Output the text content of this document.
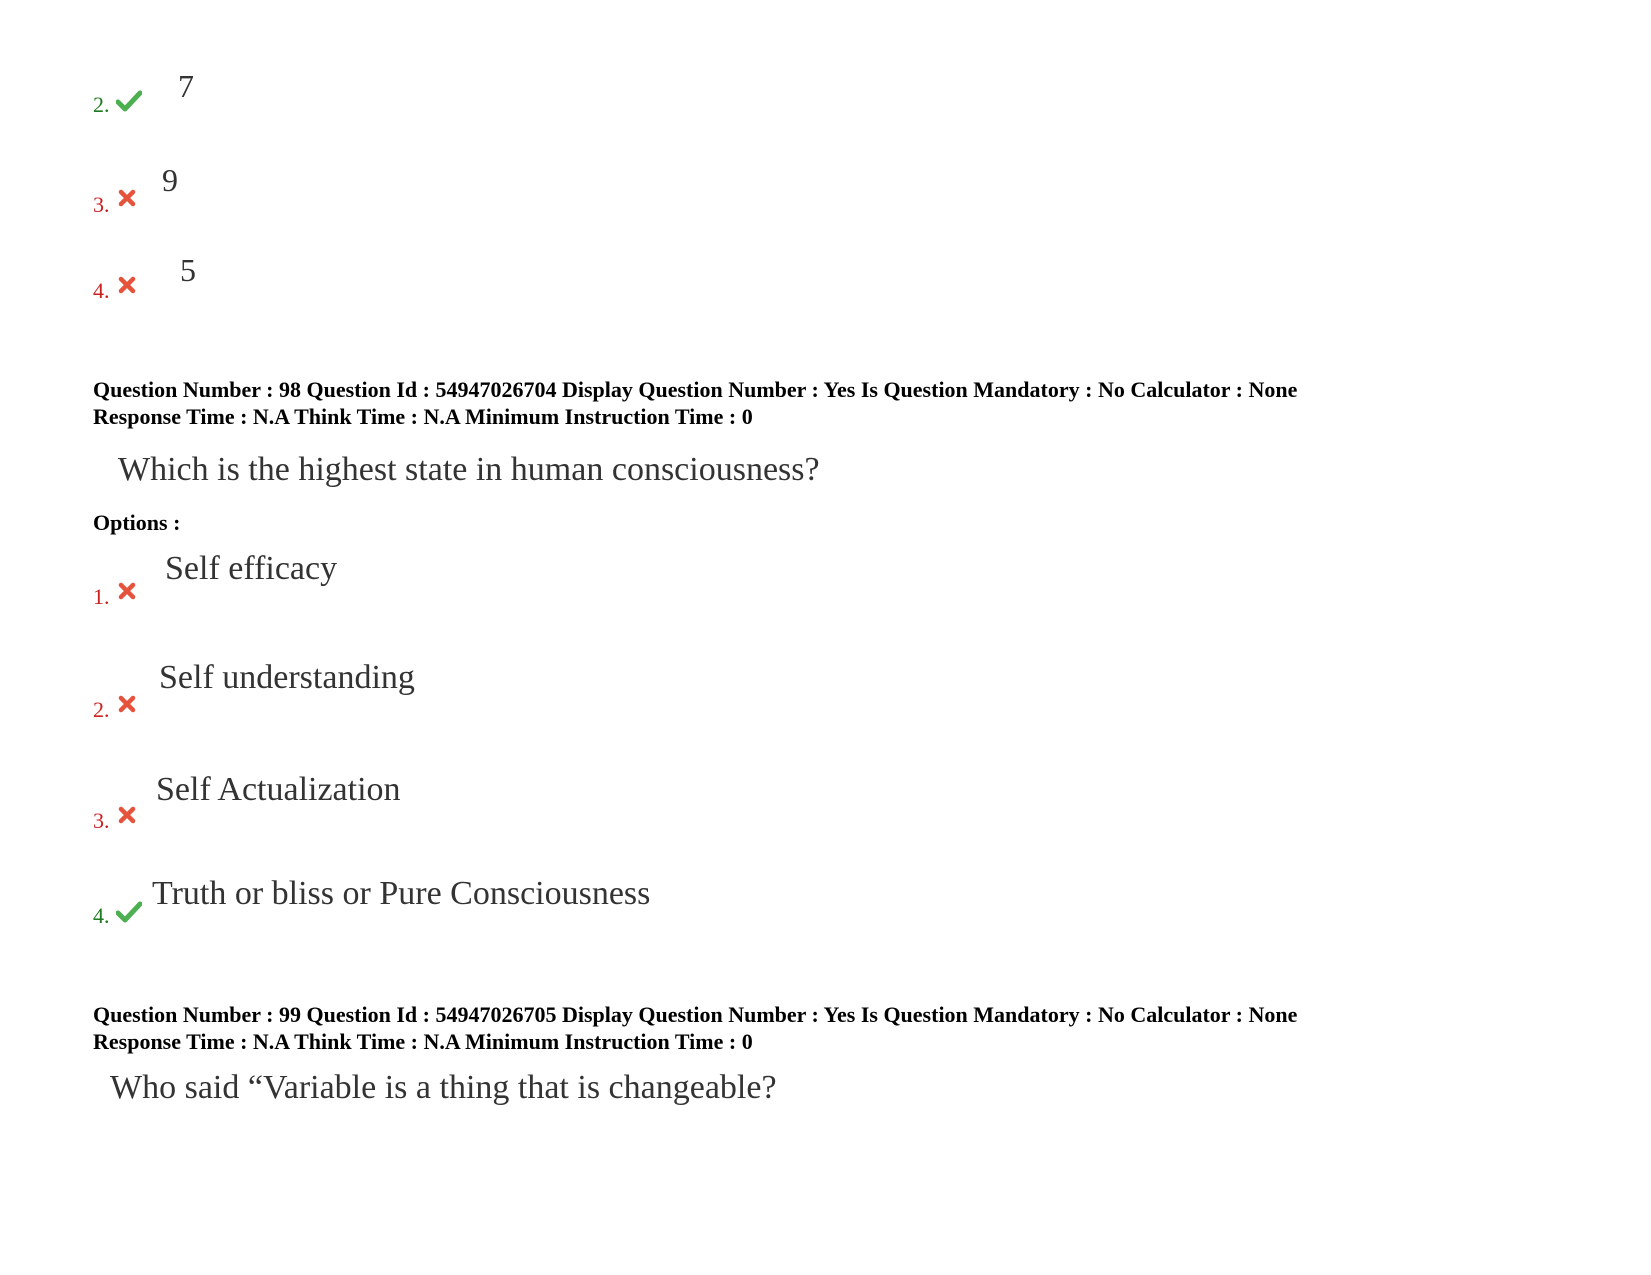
2.
7
3.
9
4.
5
Question Number : 98 Question Id : 54947026704 Display Question Number : Yes Is Question Mandatory : No Calculator : None
Response Time : N.A Think Time : N.A Minimum Instruction Time : 0
Which is the highest state in human consciousness?
Options :
1.
Self efficacy
2.
Self understanding
3.
Self Actualization
4.
Truth or bliss or Pure Consciousness
Question Number : 99 Question Id : 54947026705 Display Question Number : Yes Is Question Mandatory : No Calculator : None
Response Time : N.A Think Time : N.A Minimum Instruction Time : 0
Who said “Variable is a thing that is changeable?
